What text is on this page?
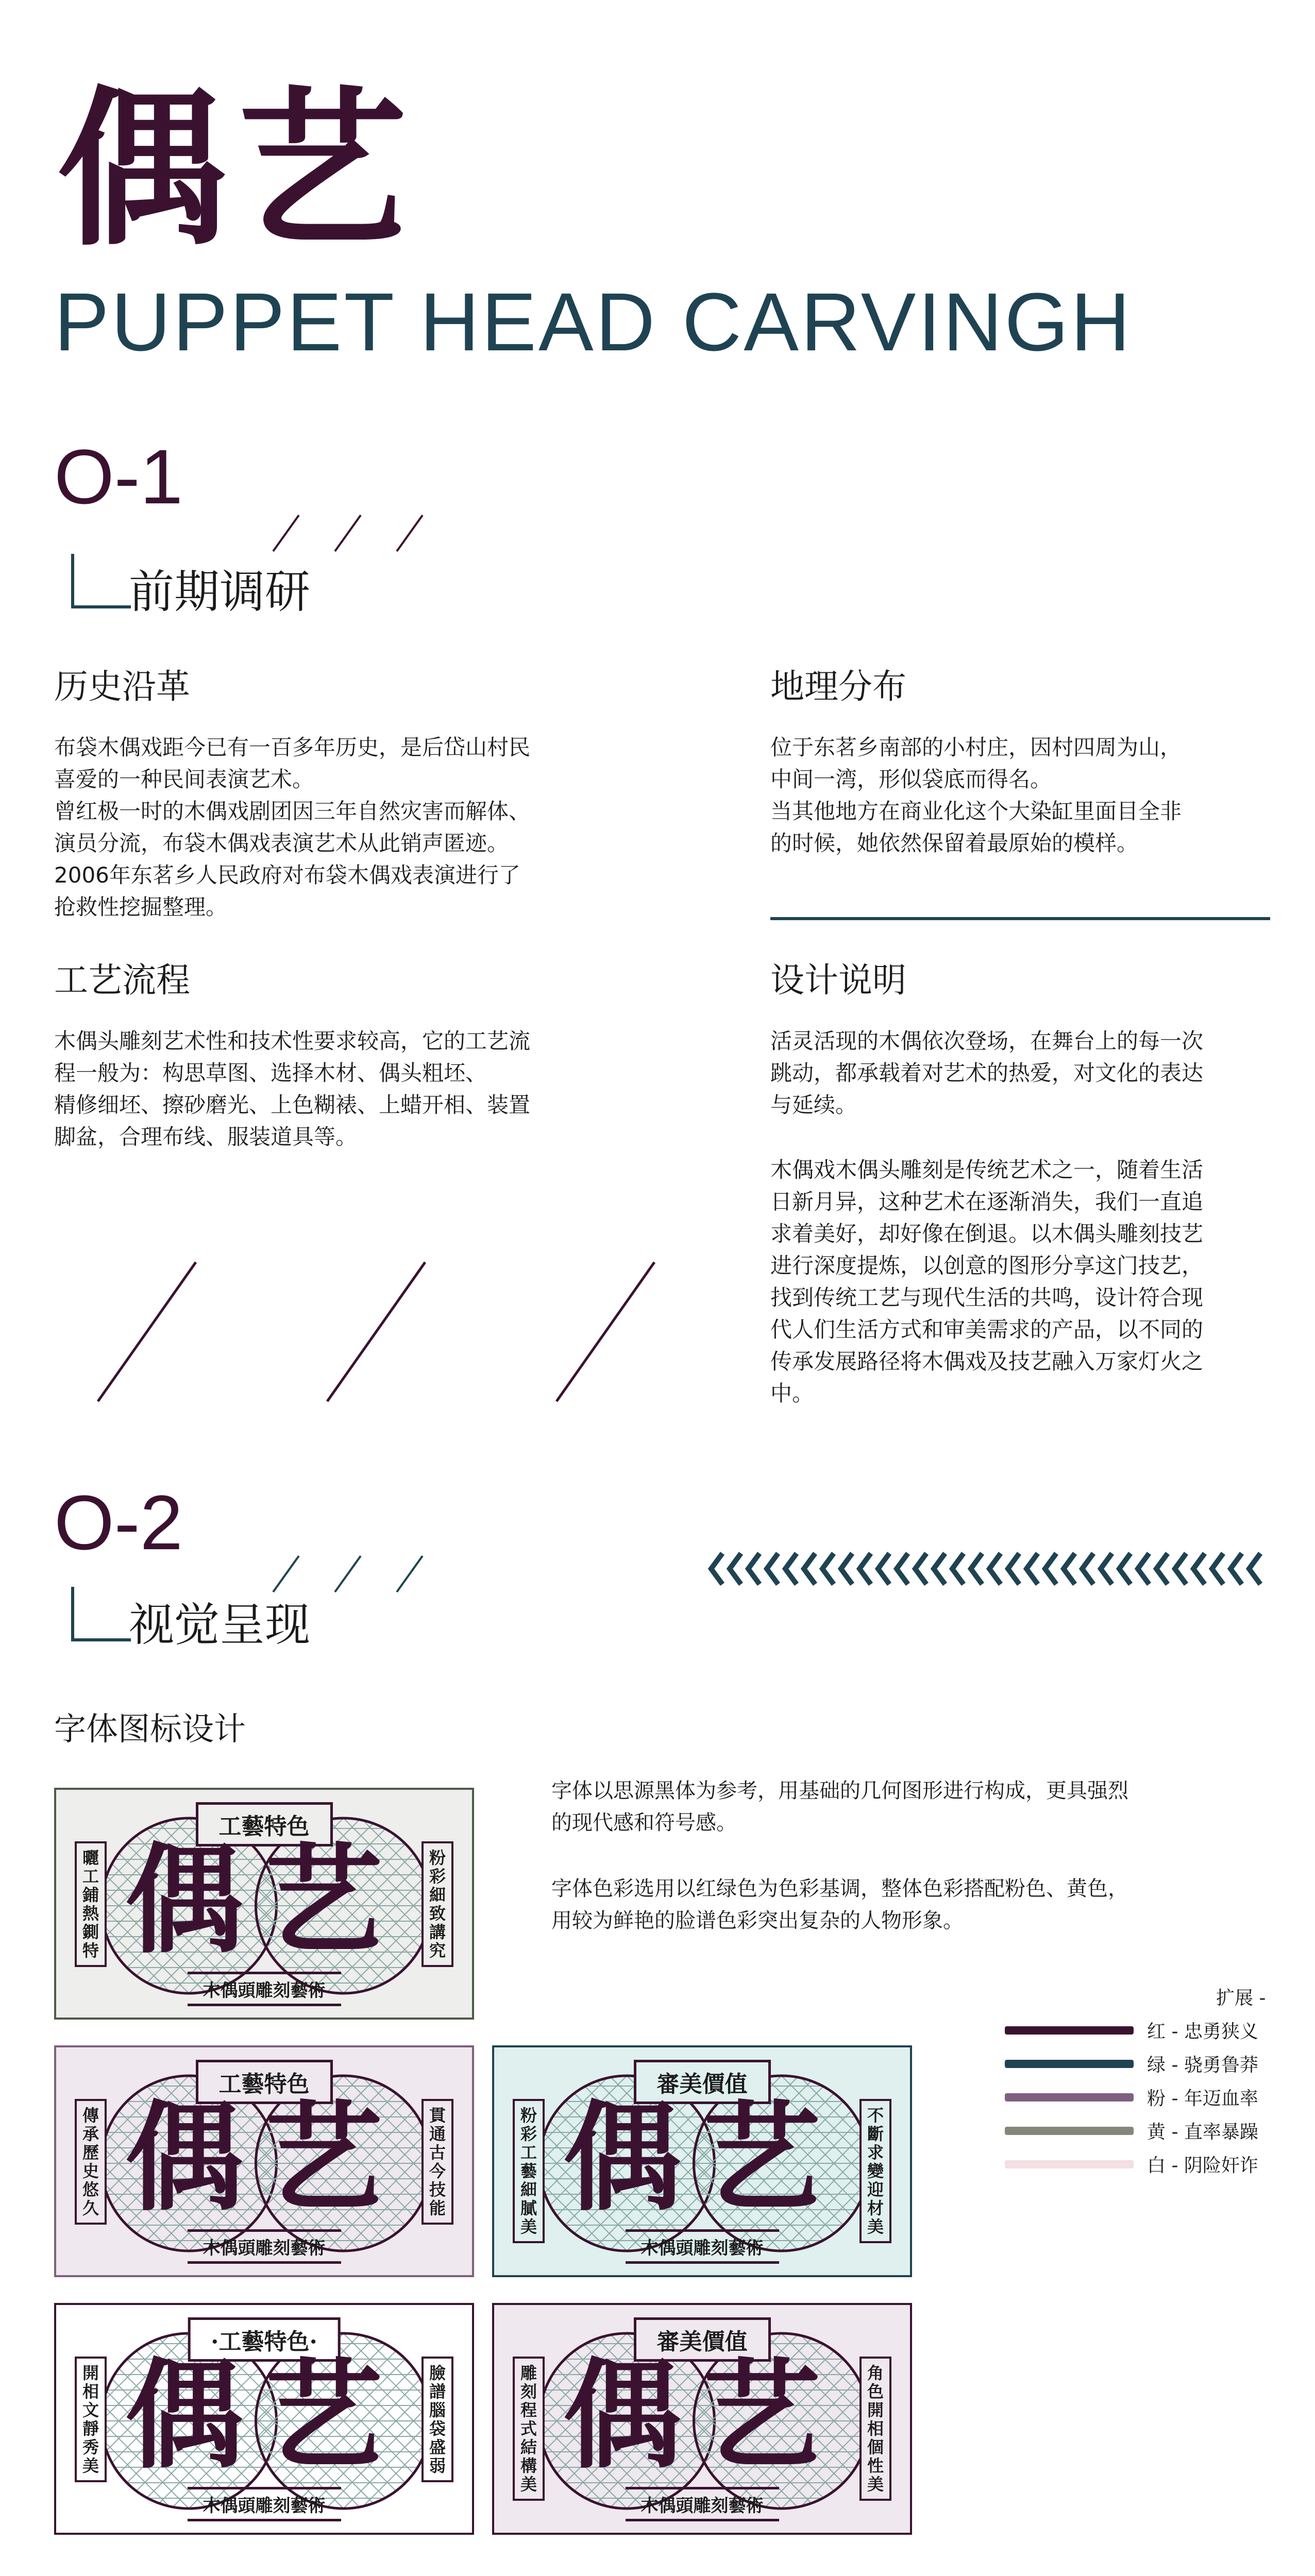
偶艺
PUPPET HEAD CARVINGH
O-1
前期调研
历史沿革
布袋木偶戏距今已有一百多年历史，是后岱山村民
喜爱的一种民间表演艺术。
曾红极一时的木偶戏剧团因三年自然灾害而解体、
演员分流，布袋木偶戏表演艺术从此销声匿迹。
2006年东茗乡人民政府对布袋木偶戏表演进行了
抢救性挖掘整理。
地理分布
位于东茗乡南部的小村庄，因村四周为山，
中间一湾，形似袋底而得名。
当其他地方在商业化这个大染缸里面目全非
的时候，她依然保留着最原始的模样。
工艺流程
木偶头雕刻艺术性和技术性要求较高，它的工艺流
程一般为：构思草图、选择木材、偶头粗坯、
精修细坯、擦砂磨光、上色糊裱、上蜡开相、装置
脚盆，合理布线、服装道具等。
设计说明
活灵活现的木偶依次登场，在舞台上的每一次
跳动，都承载着对艺术的热爱，对文化的表达
与延续。
木偶戏木偶头雕刻是传统艺术之一，随着生活
日新月异，这种艺术在逐渐消失，我们一直追
求着美好，却好像在倒退。以木偶头雕刻技艺
进行深度提炼，以创意的图形分享这门技艺，
找到传统工艺与现代生活的共鸣，设计符合现
代人们生活方式和审美需求的产品，以不同的
传承发展路径将木偶戏及技艺融入万家灯火之
中。
O-2
视觉呈现
字体图标设计
字体以思源黑体为参考，用基础的几何图形进行构成，更具强烈
的现代感和符号感。
字体色彩选用以红绿色为色彩基调，整体色彩搭配粉色、黄色，
用较为鲜艳的脸谱色彩突出复杂的人物形象。
扩展 -
红 - 忠勇狭义
绿 - 骁勇鲁莽
粉 - 年迈血率
黄 - 直率暴躁
白 - 阴险奸诈
工藝特色
曬工鋪熱鍘特
粉彩細致講究
偶艺
木偶頭雕刻藝術
工藝特色
傳承歷史悠久
貫通古今技能
偶艺
木偶頭雕刻藝術
審美價值
粉彩工藝細膩美
不斷求變迎材美
偶艺
木偶頭雕刻藝術
·工藝特色·
開相文靜秀美
臉譜腦袋盛弱
偶艺
木偶頭雕刻藝術
審美價值
雕刻程式結構美
角色開相個性美
偶艺
木偶頭雕刻藝術
